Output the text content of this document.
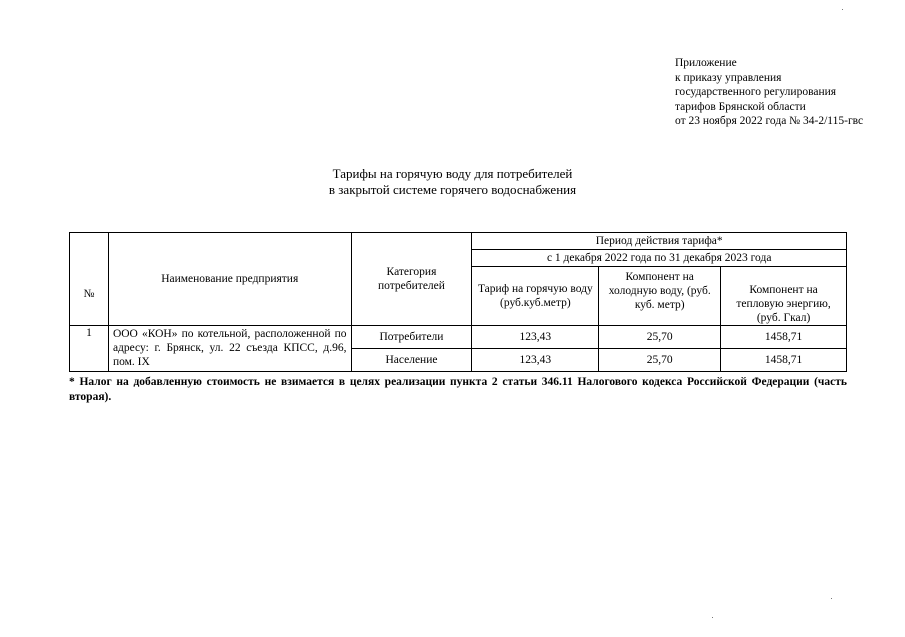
Приложение
к приказу управления
государственного регулирования
тарифов Брянской области
от 23 ноября 2022 года № 34-2/115-гвс
Тарифы на горячую воду для потребителей
в закрытой системе горячего водоснабжения
№	Наименование предприятия	Категория потребителей	Период действия тарифа*		
			с 1 декабря 2022 года по 31 декабря 2023 года		
			Тариф на горячую воду (руб.куб.метр)	Компонент на холодную воду, (руб. куб. метр)	Компонент на тепловую энергию, (руб. Гкал)
1	ООО «КОН» по котельной, расположенной по адресу: г. Брянск, ул. 22 съезда КПСС, д.96, пом. IX	Потребители	123,43	25,70	1458,71
		Население	123,43	25,70	1458,71
* Налог на добавленную стоимость не взимается в целях реализации пункта 2 статьи 346.11 Налогового кодекса Российской Федерации (часть вторая).
